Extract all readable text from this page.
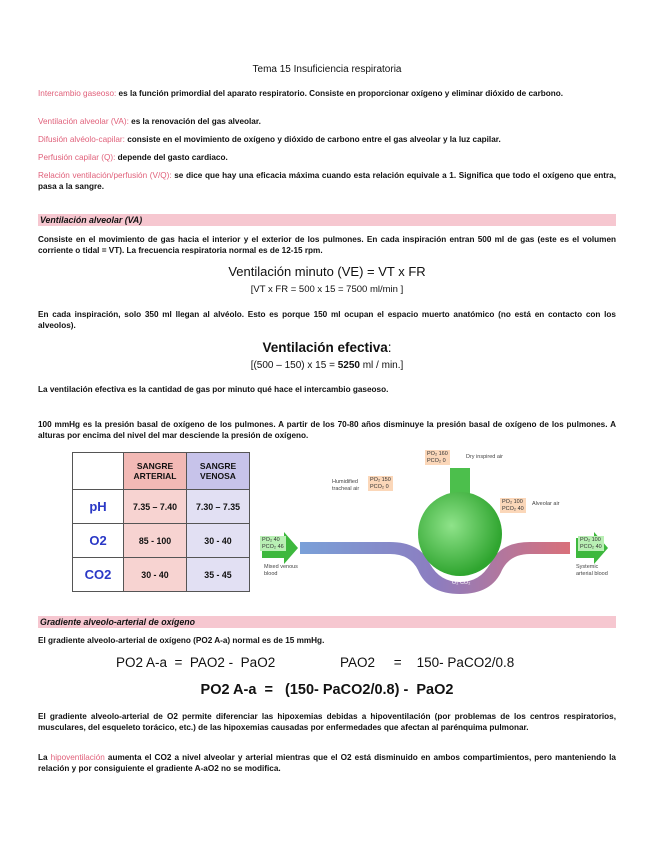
Tema 15 Insuficiencia respiratoria
Intercambio gaseoso: es la función primordial del aparato respiratorio. Consiste en proporcionar oxígeno y eliminar dióxido de carbono.
Ventilación alveolar (VA): es la renovación del gas alveolar.
Difusión alvéolo-capilar: consiste en el movimiento de oxígeno y dióxido de carbono entre el gas alveolar y la luz capilar.
Perfusión capilar (Q): depende del gasto cardiaco.
Relación ventilación/perfusión (V/Q): se dice que hay una eficacia máxima cuando esta relación equivale a 1. Significa que todo el oxígeno que entra, pasa a la sangre.
Ventilación alveolar (VA)
Consiste en el movimiento de gas hacia el interior y el exterior de los pulmones. En cada inspiración entran 500 ml de gas (este es el volumen corriente o tidal = VT). La frecuencia respiratoria normal es de 12-15 rpm.
Ventilación minuto (VE) = VT x FR
[VT x FR = 500 x 15 = 7500 ml/min ]
En cada inspiración, solo 350 ml llegan al alvéolo. Esto es porque 150 ml ocupan el espacio muerto anatómico (no está en contacto con los alveolos).
Ventilación efectiva:
[(500 – 150) x 15 = 5250 ml / min.]
La ventilación efectiva es la cantidad de gas por minuto qué hace el intercambio gaseoso.
100 mmHg es la presión basal de oxígeno de los pulmones. A partir de los 70-80 años disminuye la presión basal de oxígeno de los pulmones. A alturas por encima del nivel del mar desciende la presión de oxígeno.
	SANGRE ARTERIAL	SANGRE VENOSA
pH	7.35 – 7.40	7.30 – 7.35
O2	85 - 100	30 - 40
CO2	30 - 40	35 - 45
O₂ CO₂
PO₂ 160
PCO₂ 0
Dry inspired air
PO₂ 150
PCO₂ 0
Humidified tracheal air
PO₂ 100
PCO₂ 40
Alveolar air
PO₂ 40
PCO₂ 46
Mixed venous blood
PO₂ 100
PCO₂ 40
Systemic arterial blood
Gradiente alveolo-arterial de oxígeno
El gradiente alveolo-arterial de oxígeno (PO2 A-a) normal es de 15 mmHg.
PO2 A-a  =  PAO2 -  PaO2	PAO2     =    150- PaCO2/0.8
PO2 A-a  =   (150- PaCO2/0.8) -  PaO2
El gradiente alveolo-arterial de O2 permite diferenciar las hipoxemias debidas a hipoventilación (por problemas de los centros respiratorios, musculares, del esqueleto torácico, etc.) de las hipoxemias causadas por enfermedades que afectan al parénquima pulmonar.
La hipoventilación aumenta el CO2 a nivel alveolar y arterial mientras que el O2 está disminuido en ambos compartimientos, pero manteniendo la relación y por consiguiente el gradiente A-aO2 no se modifica.
